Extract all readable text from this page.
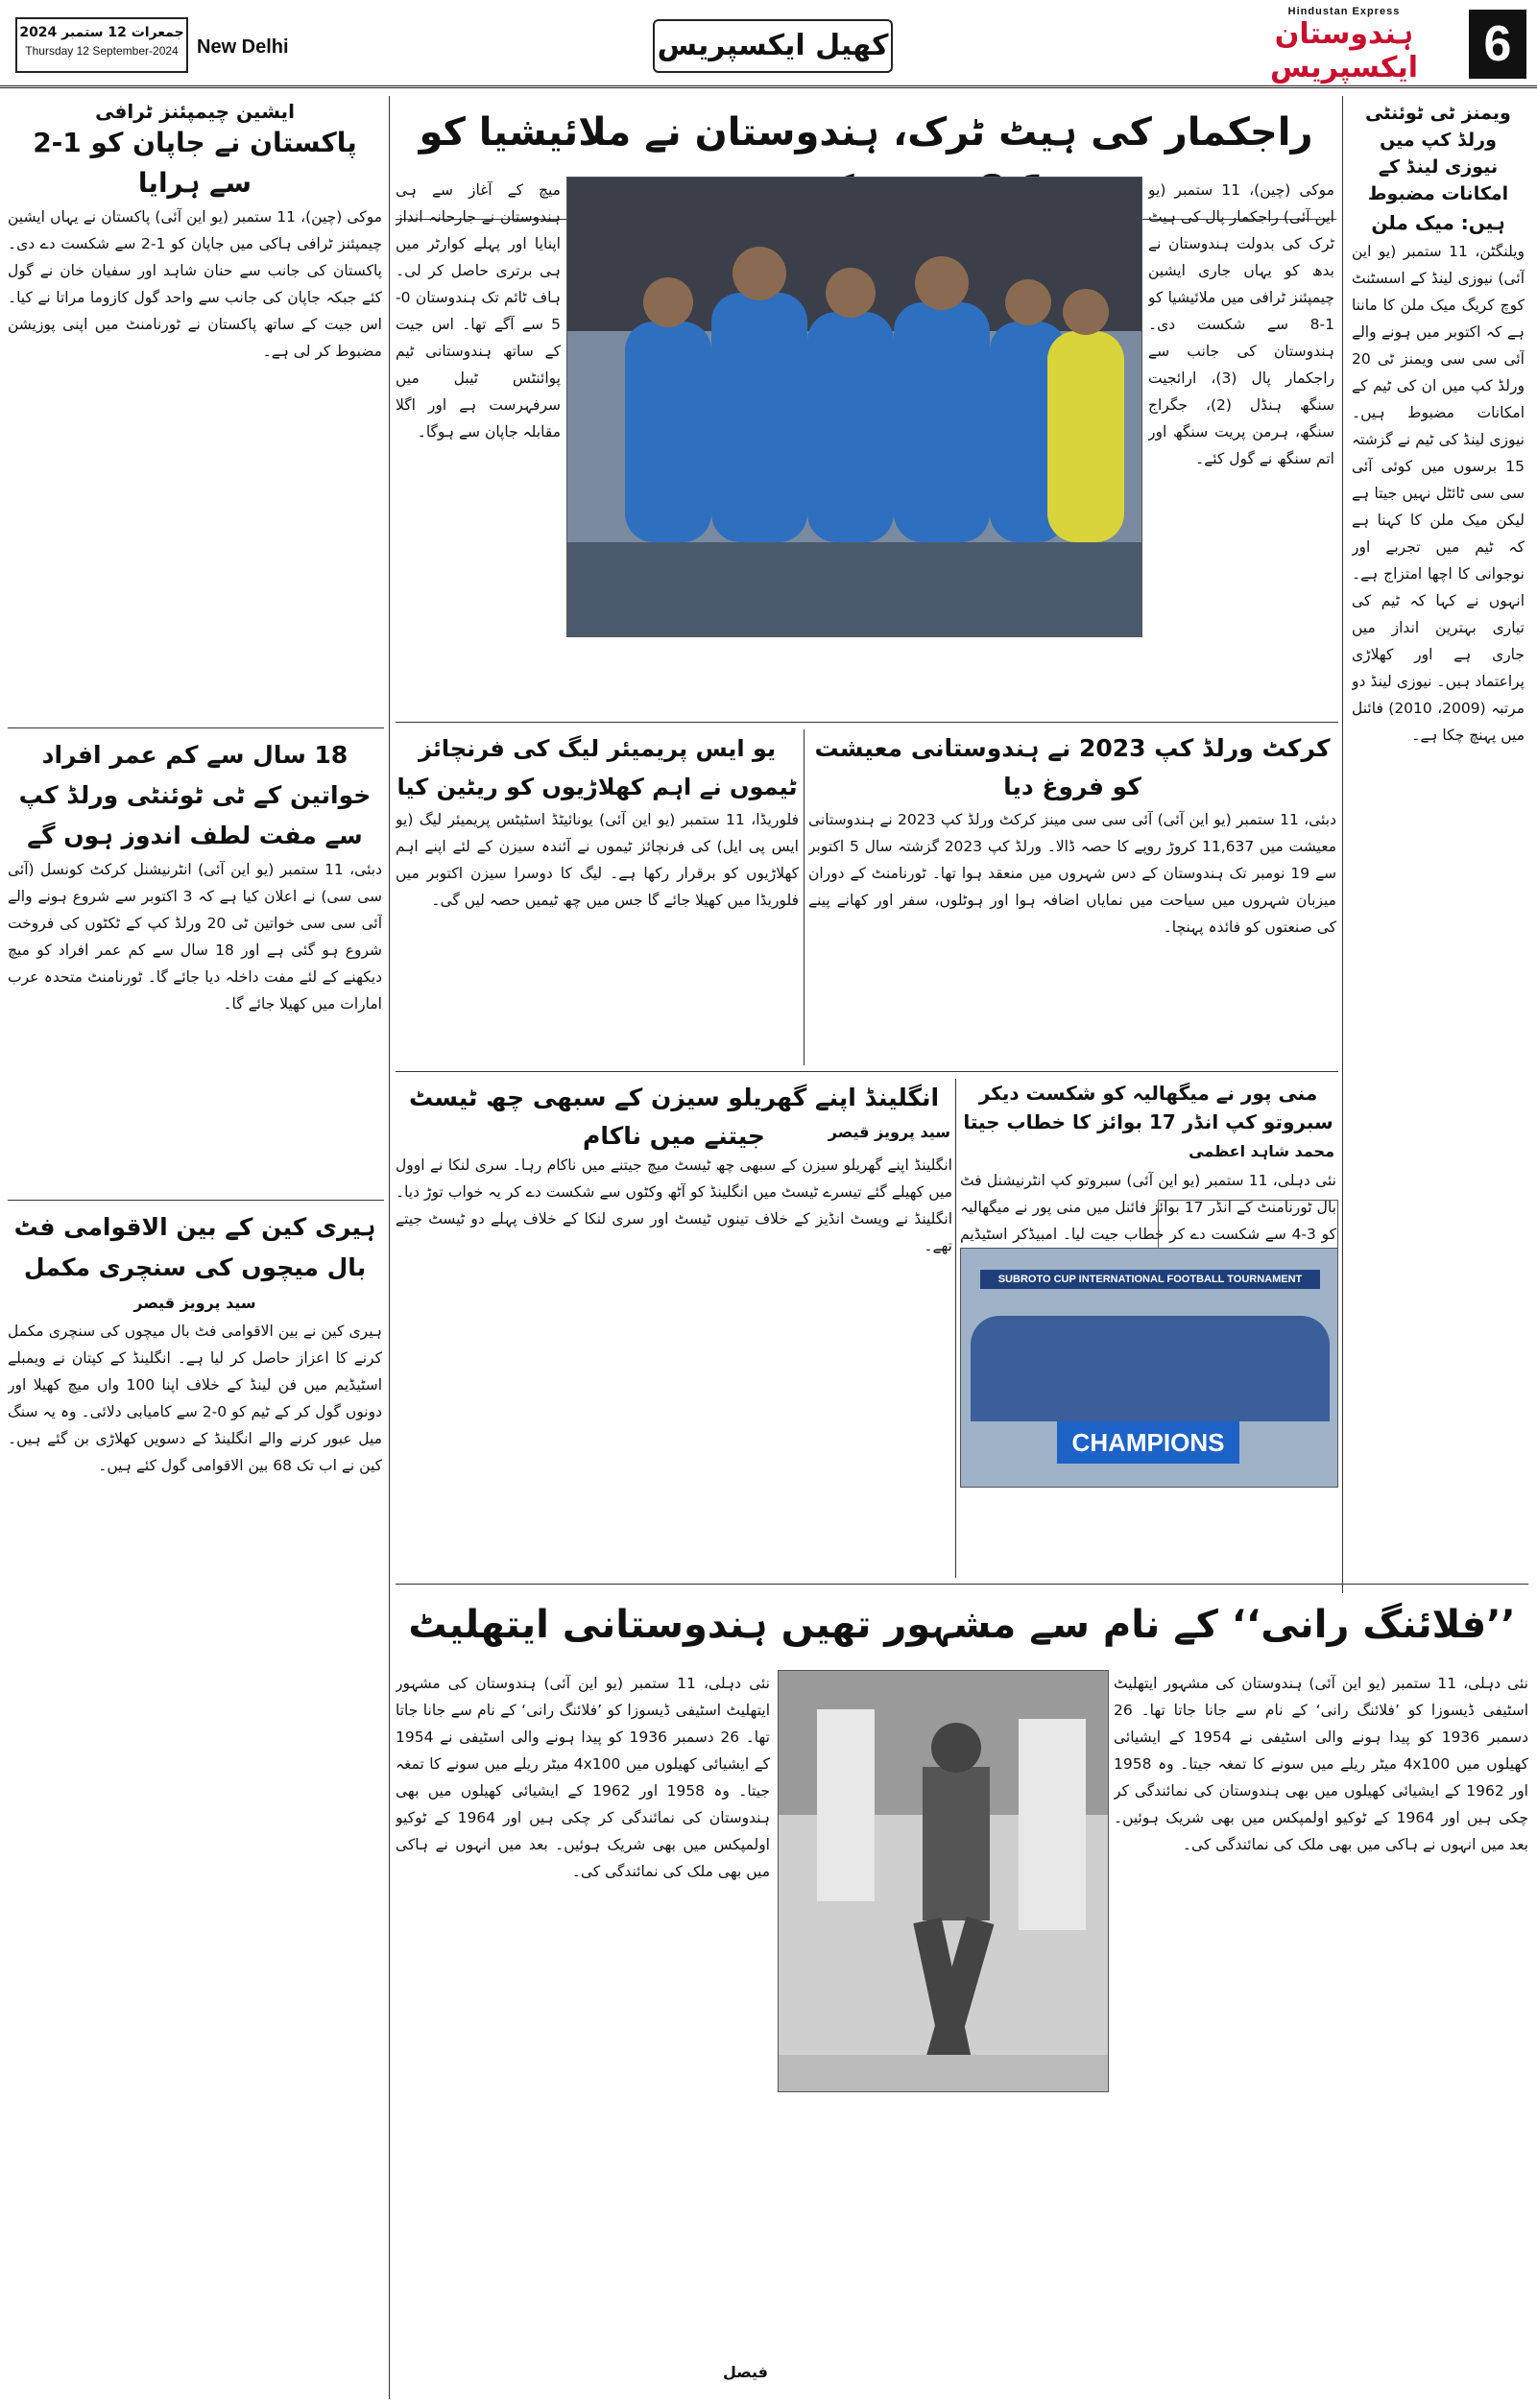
جمعرات 12 ستمبر 2024
Thursday 12 September-2024 New Delhi	کھیل ایکسپریس
Hindustan Express
ہندوستان ایکسپریس	6
ویمنز ٹی ٹوئنٹی ورلڈ کپ میں نیوزی لینڈ کے امکانات مضبوط
ہیں: میک ملن
ویلنگٹن، 11 ستمبر (یو این آئی) نیوزی لینڈ کے اسسٹنٹ کوچ کریگ میک ملن کا ماننا ہے کہ اکتوبر میں ہونے والے آئی سی سی ویمنز ٹی 20 ورلڈ کپ میں ان کی ٹیم کے امکانات مضبوط ہیں۔ نیوزی لینڈ کی ٹیم نے گزشتہ 15 برسوں میں کوئی آئی سی سی ٹائٹل نہیں جیتا ہے لیکن میک ملن کا کہنا ہے کہ ٹیم میں تجربے اور نوجوانی کا اچھا امتزاج ہے۔ انہوں نے کہا کہ ٹیم کی تیاری بہترین انداز میں جاری ہے اور کھلاڑی پراعتماد ہیں۔ نیوزی لینڈ دو مرتبہ (2009، 2010) فائنل میں پہنچ چکا ہے۔
راجکمار کی ہیٹ ٹرک، ہندوستان نے ملائیشیا کو
موکی (چین)، 11 ستمبر (یو این آئی) راجکمار پال کی ہیٹ ٹرک کی بدولت ہندوستان نے بدھ کو یہاں جاری ایشین چیمپئنز ٹرافی میں ملائیشیا کو 1-8 سے شکست دی۔ ہندوستان کی جانب سے راجکمار پال (3)، ارائجیت سنگھ ہنڈل (2)، جگراج سنگھ، ہرمن پریت سنگھ اور اتم سنگھ نے گول کئے۔
میچ کے آغاز سے ہی ہندوستان نے جارحانہ انداز اپنایا اور پہلے کوارٹر میں ہی برتری حاصل کر لی۔ ہاف ٹائم تک ہندوستان 0-5 سے آگے تھا۔ اس جیت کے ساتھ ہندوستانی ٹیم پوائنٹس ٹیبل میں سرفہرست ہے اور اگلا مقابلہ جاپان سے ہوگا۔
ایشین چیمپئنز ٹرافی
پاکستان نے جاپان کو 1-2 سے ہرایا
موکی (چین)، 11 ستمبر (یو این آئی) پاکستان نے یہاں ایشین چیمپئنز ٹرافی ہاکی میں جاپان کو 1-2 سے شکست دے دی۔ پاکستان کی جانب سے حنان شاہد اور سفیان خان نے گول کئے جبکہ جاپان کی جانب سے واحد گول کازوما مراتا نے کیا۔ اس جیت کے ساتھ پاکستان نے ٹورنامنٹ میں اپنی پوزیشن مضبوط کر لی ہے۔
18 سال سے کم عمر افراد خواتین کے ٹی ٹوئنٹی ورلڈ کپ سے مفت لطف اندوز ہوں گے
دبئی، 11 ستمبر (یو این آئی) انٹرنیشنل کرکٹ کونسل (آئی سی سی) نے اعلان کیا ہے کہ 3 اکتوبر سے شروع ہونے والے آئی سی سی خواتین ٹی 20 ورلڈ کپ کے ٹکٹوں کی فروخت شروع ہو گئی ہے اور 18 سال سے کم عمر افراد کو میچ دیکھنے کے لئے مفت داخلہ دیا جائے گا۔ ٹورنامنٹ متحدہ عرب امارات میں کھیلا جائے گا۔
ہیری کین کے بین الاقوامی فٹ بال میچوں کی سنچری مکمل
سید پرویز قیصر
ہیری کین نے بین الاقوامی فٹ بال میچوں کی سنچری مکمل کرنے کا اعزاز حاصل کر لیا ہے۔ انگلینڈ کے کپتان نے ویمبلے اسٹیڈیم میں فن لینڈ کے خلاف اپنا 100 واں میچ کھیلا اور دونوں گول کر کے ٹیم کو 0-2 سے کامیابی دلائی۔ وہ یہ سنگ میل عبور کرنے والے انگلینڈ کے دسویں کھلاڑی بن گئے ہیں۔ کین نے اب تک 68 بین الاقوامی گول کئے ہیں۔
کرکٹ ورلڈ کپ 2023 نے ہندوستانی معیشت کو فروغ دیا
دبئی، 11 ستمبر (یو این آئی) آئی سی سی مینز کرکٹ ورلڈ کپ 2023 نے ہندوستانی معیشت میں 11,637 کروڑ روپے کا حصہ ڈالا۔ ورلڈ کپ 2023 گزشتہ سال 5 اکتوبر سے 19 نومبر تک ہندوستان کے دس شہروں میں منعقد ہوا تھا۔ ٹورنامنٹ کے دوران میزبان شہروں میں سیاحت میں نمایاں اضافہ ہوا اور ہوٹلوں، سفر اور کھانے پینے کی صنعتوں کو فائدہ پہنچا۔
یو ایس پریمیئر لیگ کی فرنچائز ٹیموں نے اہم کھلاڑیوں کو ریٹین کیا
فلوریڈا، 11 ستمبر (یو این آئی) یونائیٹڈ اسٹیٹس پریمیئر لیگ (یو ایس پی ایل) کی فرنچائز ٹیموں نے آئندہ سیزن کے لئے اپنے اہم کھلاڑیوں کو برقرار رکھا ہے۔ لیگ کا دوسرا سیزن اکتوبر میں فلوریڈا میں کھیلا جائے گا جس میں چھ ٹیمیں حصہ لیں گی۔
منی پور نے میگھالیہ کو شکست دیکر سبروتو کپ انڈر 17 بوائز کا خطاب جیتا
محمد شاہد اعظمی
نئی دہلی، 11 ستمبر (یو این آئی) سبروتو کپ انٹرنیشنل فٹ بال ٹورنامنٹ کے انڈر 17 بوائز فائنل میں منی پور نے میگھالیہ کو 3-4 سے شکست دے کر خطاب جیت لیا۔ امبیڈکر اسٹیڈیم
SUBROTO CUP INTERNATIONAL FOOTBALL TOURNAMENT
CHAMPIONS
انگلینڈ اپنے گھریلو سیزن کے سبھی چھ ٹیسٹ جیتنے میں ناکام	سید پرویز قیصر
انگلینڈ اپنے گھریلو سیزن کے سبھی چھ ٹیسٹ میچ جیتنے میں ناکام رہا۔ سری لنکا نے اوول میں کھیلے گئے تیسرے ٹیسٹ میں انگلینڈ کو آٹھ وکٹوں سے شکست دے کر یہ خواب توڑ دیا۔ انگلینڈ نے ویسٹ انڈیز کے خلاف تینوں ٹیسٹ اور سری لنکا کے خلاف پہلے دو ٹیسٹ جیتے تھے۔
’’فلائنگ رانی‘‘ کے نام سے مشہور تھیں ہندوستانی ایتھلیٹ
نئی دہلی، 11 ستمبر (یو این آئی) ہندوستان کی مشہور ایتھلیٹ اسٹیفی ڈیسوزا کو ’فلائنگ رانی‘ کے نام سے جانا جاتا تھا۔ 26 دسمبر 1936 کو پیدا ہونے والی اسٹیفی نے 1954 کے ایشیائی کھیلوں میں 4x100 میٹر ریلے میں سونے کا تمغہ جیتا۔ وہ 1958 اور 1962 کے ایشیائی کھیلوں میں بھی ہندوستان کی نمائندگی کر چکی ہیں اور 1964 کے ٹوکیو اولمپکس میں بھی شریک ہوئیں۔ بعد میں انہوں نے ہاکی میں بھی ملک کی نمائندگی کی۔
نئی دہلی، 11 ستمبر (یو این آئی) ہندوستان کی مشہور ایتھلیٹ اسٹیفی ڈیسوزا کو ’فلائنگ رانی‘ کے نام سے جانا جاتا تھا۔ 26 دسمبر 1936 کو پیدا ہونے والی اسٹیفی نے 1954 کے ایشیائی کھیلوں میں 4x100 میٹر ریلے میں سونے کا تمغہ جیتا۔ وہ 1958 اور 1962 کے ایشیائی کھیلوں میں بھی ہندوستان کی نمائندگی کر چکی ہیں اور 1964 کے ٹوکیو اولمپکس میں بھی شریک ہوئیں۔ بعد میں انہوں نے ہاکی میں بھی ملک کی نمائندگی کی۔
فیصل
